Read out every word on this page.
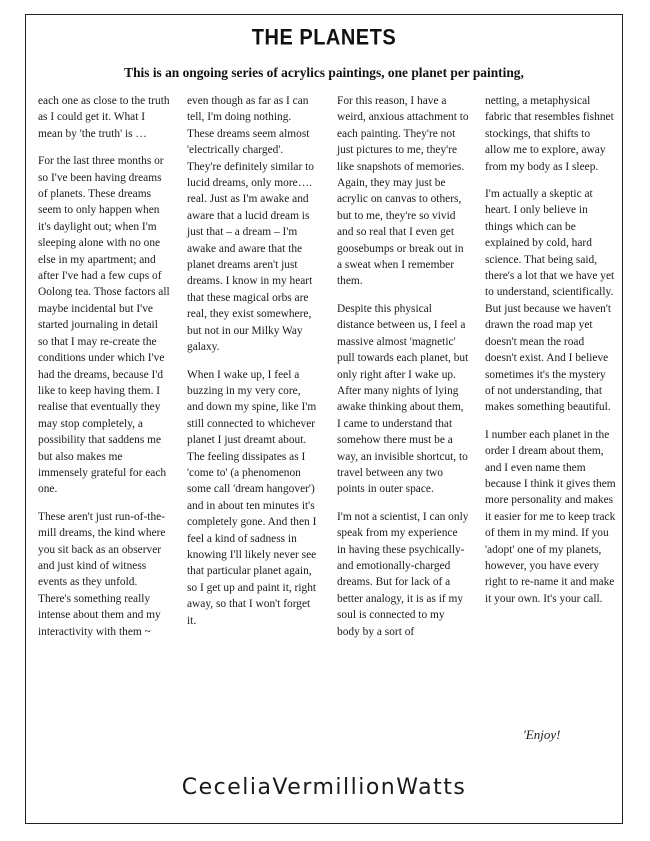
THE PLANETS
This is an ongoing series of acrylics paintings, one planet per painting,

each one as close to the truth as I could get it. What I mean by 'the truth' is …

For the last three months or so I've been having dreams of planets. These dreams seem to only happen when it's daylight out; when I'm sleeping alone with no one else in my apartment; and after I've had a few cups of Oolong tea. Those factors all maybe incidental but I've started journaling in detail so that I may re-create the conditions under which I've had the dreams, because I'd like to keep having them. I realise that eventually they may stop completely, a possibility that saddens me but also makes me immensely grateful for each one.

These aren't just run-of-the-mill dreams, the kind where you sit back as an observer and just kind of witness events as they unfold. There's something really intense about them and my interactivity with them ~

even though as far as I can tell, I'm doing nothing. These dreams seem almost 'electrically charged'. They're definitely similar to lucid dreams, only more…. real. Just as I'm awake and aware that a lucid dream is just that – a dream – I'm awake and aware that the planet dreams aren't just dreams. I know in my heart that these magical orbs are real, they exist somewhere, but not in our Milky Way galaxy.

When I wake up, I feel a buzzing in my very core, and down my spine, like I'm still connected to whichever planet I just dreamt about. The feeling dissipates as I 'come to' (a phenomenon some call 'dream hangover') and in about ten minutes it's completely gone. And then I feel a kind of sadness in knowing I'll likely never see that particular planet again, so I get up and paint it, right away, so that I won't forget it.

For this reason, I have a weird, anxious attachment to each painting. They're not just pictures to me, they're like snapshots of memories. Again, they may just be acrylic on canvas to others, but to me, they're so vivid and so real that I even get goosebumps or break out in a sweat when I remember them.

Despite this physical distance between us, I feel a massive almost 'magnetic' pull towards each planet, but only right after I wake up. After many nights of lying awake thinking about them, I came to understand that somehow there must be a way, an invisible shortcut, to travel between any two points in outer space.

I'm not a scientist, I can only speak from my experience in having these psychically- and emotionally-charged dreams. But for lack of a better analogy, it is as if my soul is connected to my body by a sort of

netting, a metaphysical fabric that resembles fishnet stockings, that shifts to allow me to explore, away from my body as I sleep.

I'm actually a skeptic at heart. I only believe in things which can be explained by cold, hard science. That being said, there's a lot that we have yet to understand, scientifically. But just because we haven't drawn the road map yet doesn't mean the road doesn't exist. And I believe sometimes it's the mystery of not understanding, that makes something beautiful.

I number each planet in the order I dream about them, and I even name them because I think it gives them more personality and makes it easier for me to keep track of them in my mind. If you 'adopt' one of my planets, however, you have every right to re-name it and make it your own. It's your call.

'Enjoy!
CeceliaVermillionWatts
